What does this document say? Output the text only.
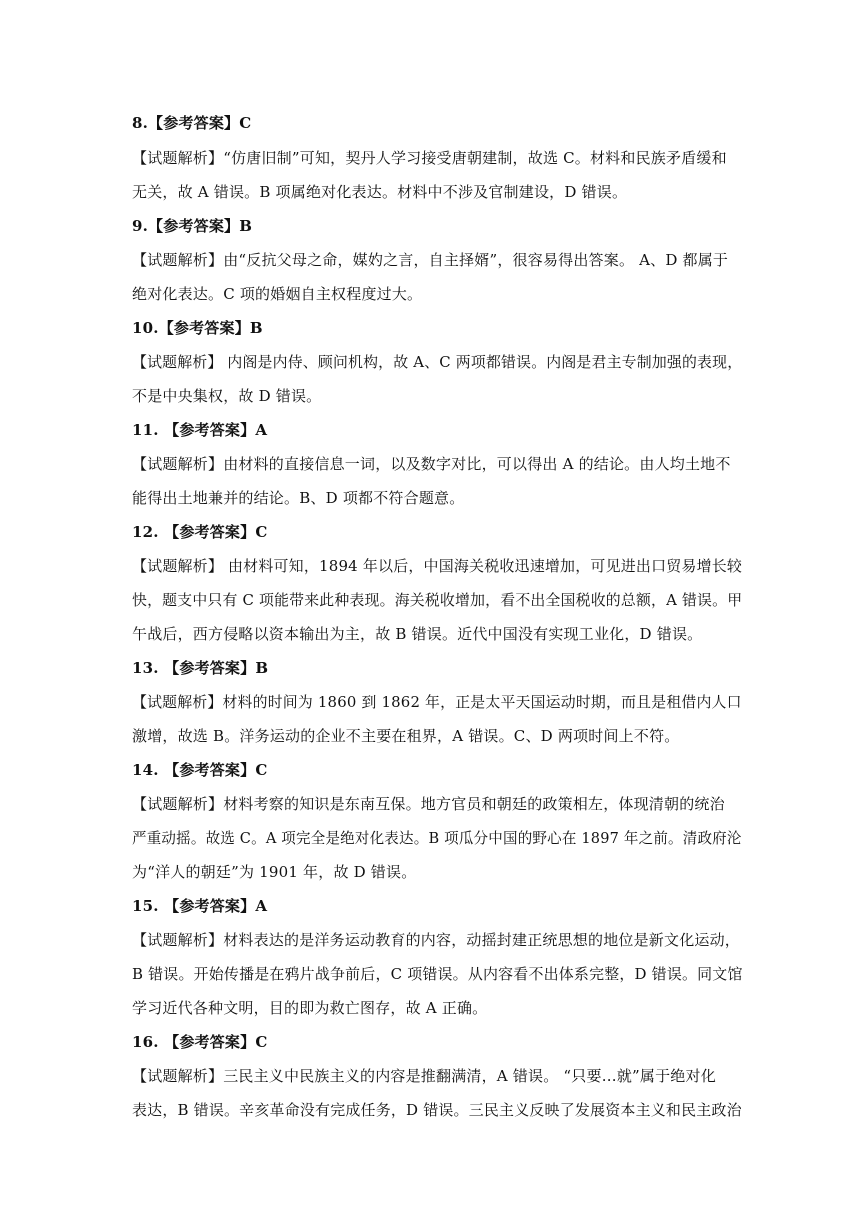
8.【参考答案】C
【试题解析】“仿唐旧制”可知，契丹人学习接受唐朝建制，故选 C。材料和民族矛盾缓和
无关，故 A 错误。B 项属绝对化表达。材料中不涉及官制建设，D 错误。
9.【参考答案】B
【试题解析】由“反抗父母之命，媒妁之言，自主择婿”，很容易得出答案。 A、D 都属于
绝对化表达。C 项的婚姻自主权程度过大。
10.【参考答案】B
【试题解析】 内阁是内侍、顾问机构，故 A、C 两项都错误。内阁是君主专制加强的表现，
不是中央集权，故 D 错误。
11. 【参考答案】A
【试题解析】由材料的直接信息一词，以及数字对比，可以得出 A 的结论。由人均土地不
能得出土地兼并的结论。B、D 项都不符合题意。
12. 【参考答案】C
【试题解析】 由材料可知，1894 年以后，中国海关税收迅速增加，可见进出口贸易增长较
快，题支中只有 C 项能带来此种表现。海关税收增加，看不出全国税收的总额，A 错误。甲
午战后，西方侵略以资本输出为主，故 B 错误。近代中国没有实现工业化，D 错误。
13. 【参考答案】B
【试题解析】材料的时间为 1860 到 1862 年，正是太平天国运动时期，而且是租借内人口
激增，故选 B。洋务运动的企业不主要在租界，A 错误。C、D 两项时间上不符。
14. 【参考答案】C
【试题解析】材料考察的知识是东南互保。地方官员和朝廷的政策相左，体现清朝的统治
严重动摇。故选 C。A 项完全是绝对化表达。B 项瓜分中国的野心在 1897 年之前。清政府沦
为“洋人的朝廷”为 1901 年，故 D 错误。
15. 【参考答案】A
【试题解析】材料表达的是洋务运动教育的内容，动摇封建正统思想的地位是新文化运动，
B 错误。开始传播是在鸦片战争前后，C 项错误。从内容看不出体系完整，D 错误。同文馆
学习近代各种文明，目的即为救亡图存，故 A 正确。
16. 【参考答案】C
【试题解析】三民主义中民族主义的内容是推翻满清，A 错误。 “只要…就”属于绝对化
表达，B 错误。辛亥革命没有完成任务，D 错误。三民主义反映了发展资本主义和民主政治
